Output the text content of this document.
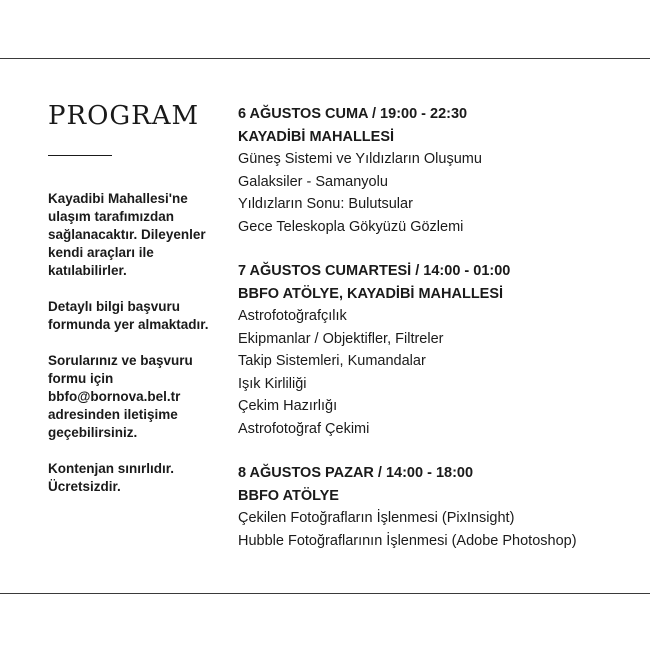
PROGRAM

Kayadibi Mahallesi'ne ulaşım tarafımızdan sağlanacaktır. Dileyenler kendi araçları ile katılabilirler.

Detaylı bilgi başvuru formunda yer almaktadır.

Sorularınız ve başvuru formu için bbfo@bornova.bel.tr adresinden iletişime geçebilirsiniz.

Kontenjan sınırlıdır. Ücretsizdir.

6 AĞUSTOS CUMA / 19:00 - 22:30
KAYADİBİ MAHALLESİ
Güneş Sistemi ve Yıldızların Oluşumu
Galaksiler - Samanyolu
Yıldızların Sonu: Bulutsular
Gece Teleskopla Gökyüzü Gözlemi
7 AĞUSTOS CUMARTESİ / 14:00 - 01:00
BBFO ATÖLYE, KAYADİBİ MAHALLESİ
Astrofotoğrafçılık
Ekipmanlar / Objektifler, Filtreler
Takip Sistemleri, Kumandalar
Işık Kirliliği
Çekim Hazırlığı
Astrofotoğraf Çekimi
8 AĞUSTOS PAZAR / 14:00 - 18:00
BBFO ATÖLYE
Çekilen Fotoğrafların İşlenmesi (PixInsight)
Hubble Fotoğraflarının İşlenmesi (Adobe Photoshop)
